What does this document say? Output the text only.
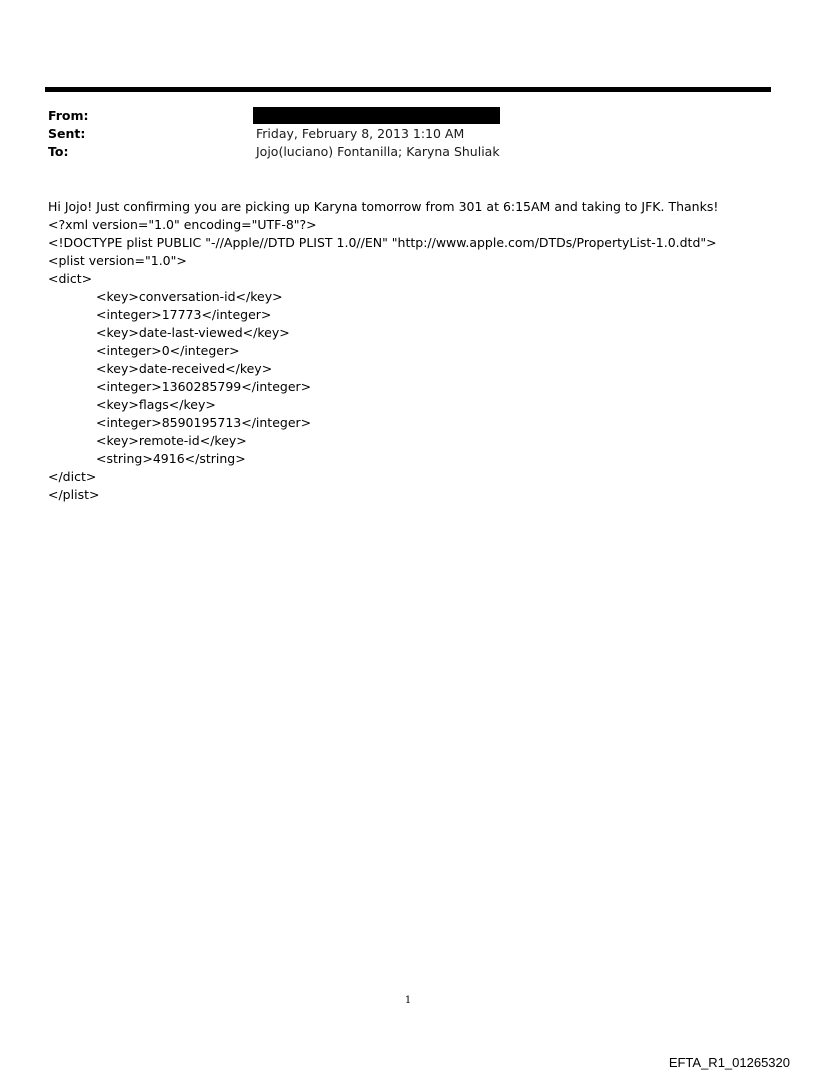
From:
Sent:	Friday, February 8, 2013 1:10 AM
To:	Jojo(luciano) Fontanilla; Karyna Shuliak
Hi Jojo! Just confirming you are picking up Karyna tomorrow from 301 at 6:15AM and taking to JFK. Thanks!
<?xml version="1.0" encoding="UTF-8"?>
<!DOCTYPE plist PUBLIC "-//Apple//DTD PLIST 1.0//EN" "http://www.apple.com/DTDs/PropertyList-1.0.dtd">
<plist version="1.0">
<dict>
<key>conversation-id</key>
<integer>17773</integer>
<key>date-last-viewed</key>
<integer>0</integer>
<key>date-received</key>
<integer>1360285799</integer>
<key>flags</key>
<integer>8590195713</integer>
<key>remote-id</key>
<string>4916</string>
</dict>
</plist>
1
EFTA_R1_01265320
